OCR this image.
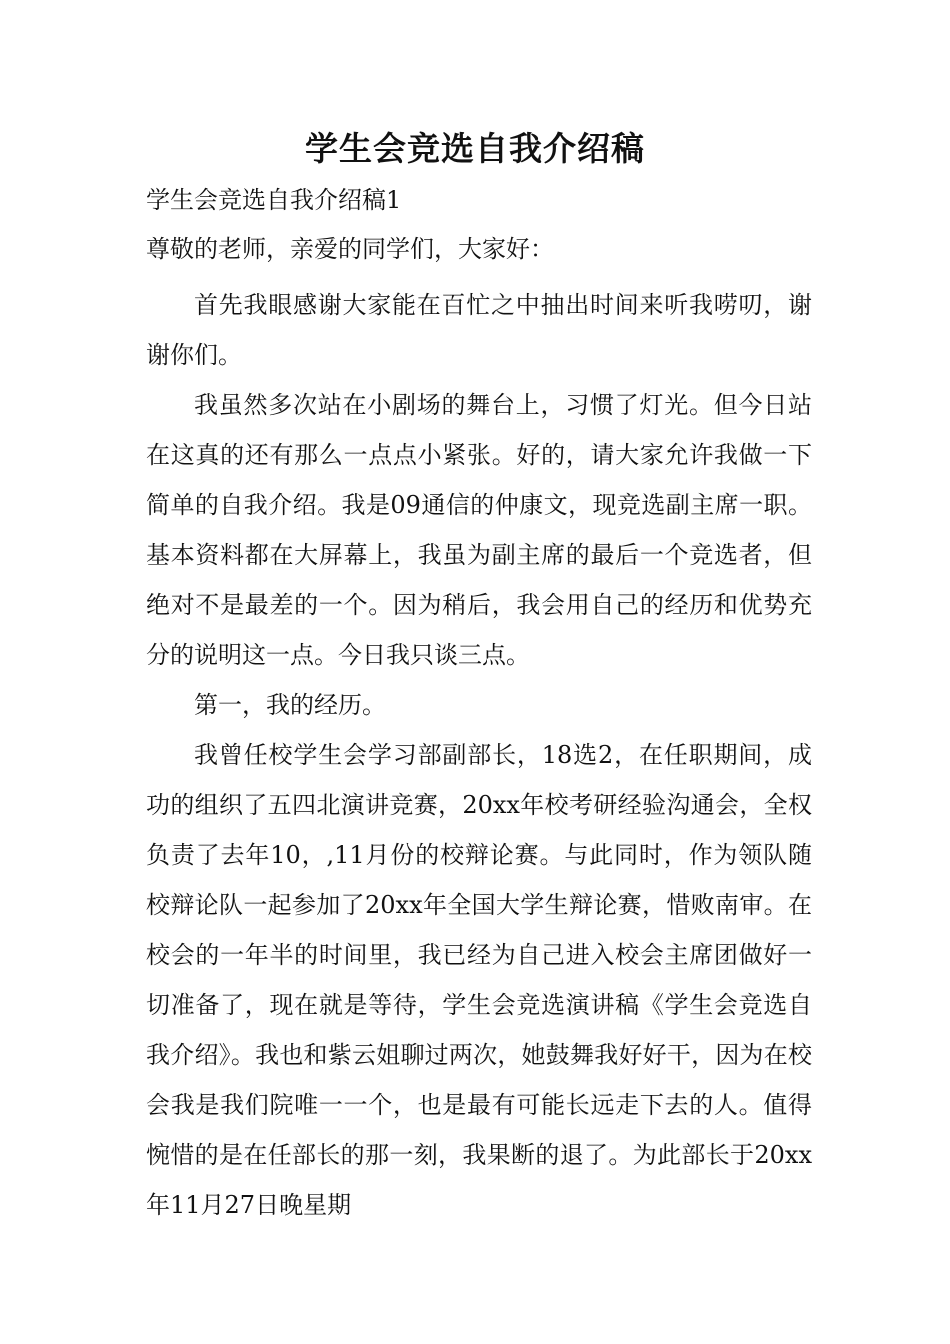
学生会竞选自我介绍稿

学生会竞选自我介绍稿1

尊敬的老师，亲爱的同学们，大家好：

首先我眼感谢大家能在百忙之中抽出时间来听我唠叨，谢谢你们。

我虽然多次站在小剧场的舞台上，习惯了灯光。但今日站在这真的还有那么一点点小紧张。好的，请大家允许我做一下简单的自我介绍。我是09通信的仲康文，现竞选副主席一职。基本资料都在大屏幕上，我虽为副主席的最后一个竞选者，但绝对不是最差的一个。因为稍后，我会用自己的经历和优势充分的说明这一点。今日我只谈三点。

第一，我的经历。

我曾任校学生会学习部副部长，18选2，在任职期间，成功的组织了五四北演讲竞赛，20xx年校考研经验沟通会，全权负责了去年10，,11月份的校辩论赛。与此同时，作为领队随校辩论队一起参加了20xx年全国大学生辩论赛，惜败南审。在校会的一年半的时间里，我已经为自己进入校会主席团做好一切准备了，现在就是等待，学生会竞选演讲稿《学生会竞选自我介绍》。我也和紫云姐聊过两次，她鼓舞我好好干，因为在校会我是我们院唯一一个，也是最有可能长远走下去的人。值得惋惜的是在任部长的那一刻，我果断的退了。为此部长于20xx年11月27日晚星期
